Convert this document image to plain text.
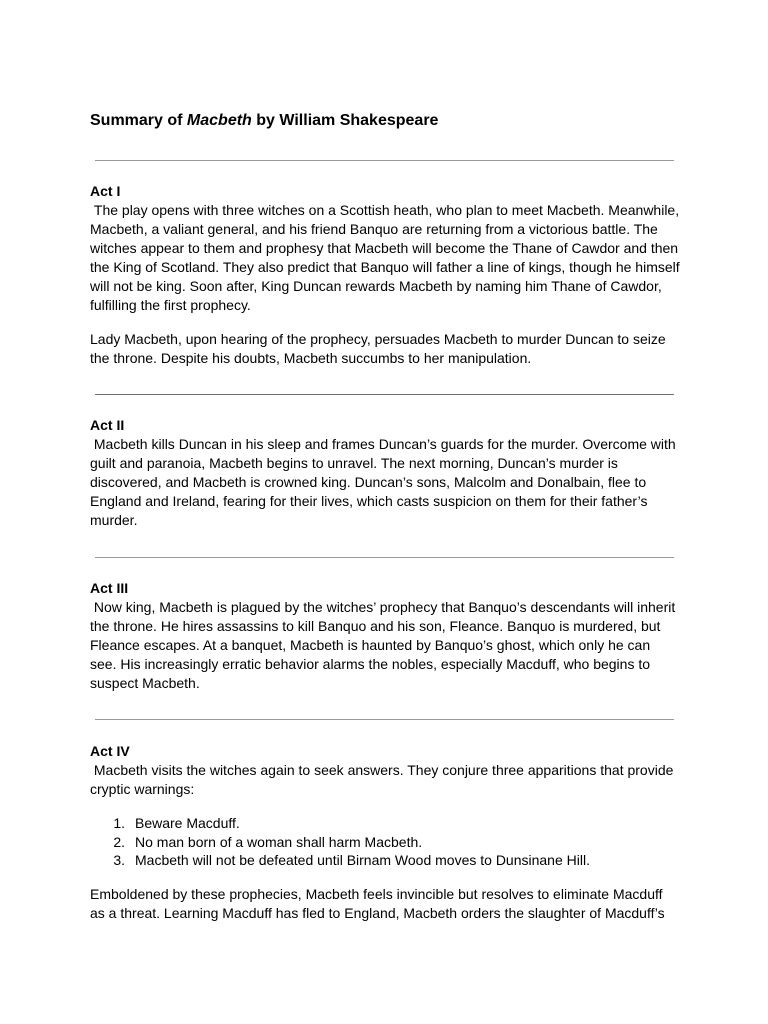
Summary of Macbeth by William Shakespeare

Act I

The play opens with three witches on a Scottish heath, who plan to meet Macbeth. Meanwhile, Macbeth, a valiant general, and his friend Banquo are returning from a victorious battle. The witches appear to them and prophesy that Macbeth will become the Thane of Cawdor and then the King of Scotland. They also predict that Banquo will father a line of kings, though he himself will not be king. Soon after, King Duncan rewards Macbeth by naming him Thane of Cawdor, fulfilling the first prophecy.

Lady Macbeth, upon hearing of the prophecy, persuades Macbeth to murder Duncan to seize the throne. Despite his doubts, Macbeth succumbs to her manipulation.

Act II

Macbeth kills Duncan in his sleep and frames Duncan’s guards for the murder. Overcome with guilt and paranoia, Macbeth begins to unravel. The next morning, Duncan’s murder is discovered, and Macbeth is crowned king. Duncan’s sons, Malcolm and Donalbain, flee to England and Ireland, fearing for their lives, which casts suspicion on them for their father’s murder.

Act III

Now king, Macbeth is plagued by the witches’ prophecy that Banquo’s descendants will inherit the throne. He hires assassins to kill Banquo and his son, Fleance. Banquo is murdered, but Fleance escapes. At a banquet, Macbeth is haunted by Banquo’s ghost, which only he can see. His increasingly erratic behavior alarms the nobles, especially Macduff, who begins to suspect Macbeth.

Act IV

Macbeth visits the witches again to seek answers. They conjure three apparitions that provide cryptic warnings:

1. Beware Macduff.
2. No man born of a woman shall harm Macbeth.
3. Macbeth will not be defeated until Birnam Wood moves to Dunsinane Hill.

Emboldened by these prophecies, Macbeth feels invincible but resolves to eliminate Macduff as a threat. Learning Macduff has fled to England, Macbeth orders the slaughter of Macduff’s
